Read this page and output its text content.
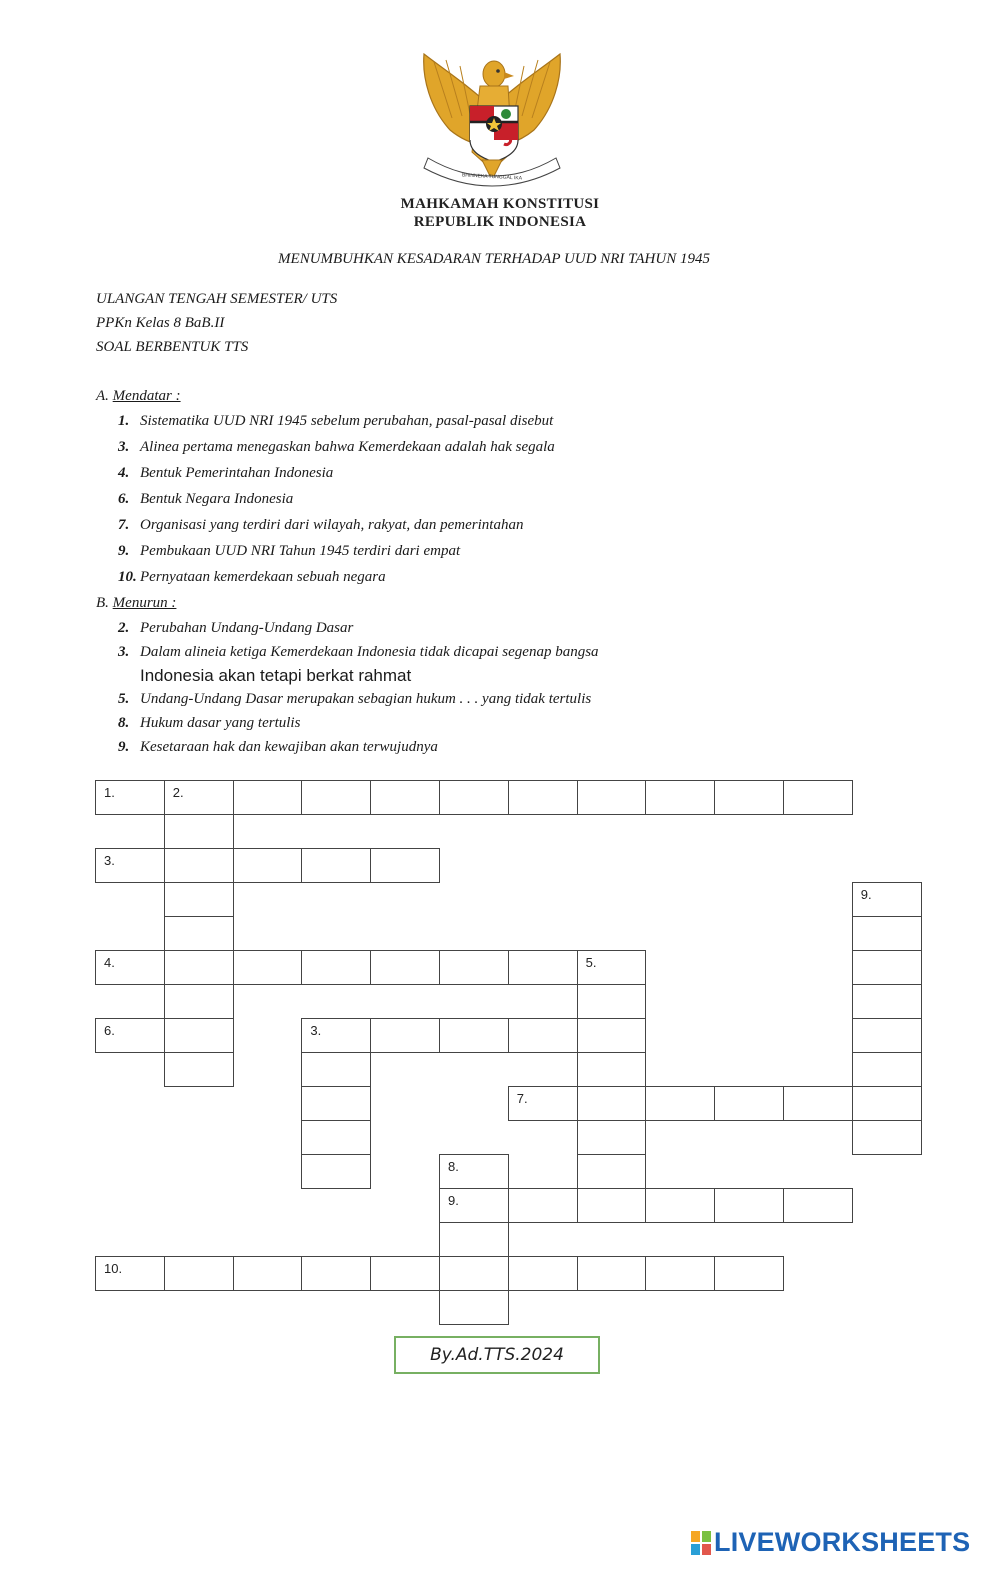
MAHKAMAH KONSTITUSI
REPUBLIK INDONESIA
BHINNEKA TUNGGAL IKA
MENUMBUHKAN KESADARAN TERHADAP UUD NRI TAHUN 1945
ULANGAN TENGAH SEMESTER/ UTS
PPKn Kelas 8 BaB.II
SOAL BERBENTUK TTS
A. Mendatar :
1. Sistematika UUD NRI 1945 sebelum perubahan, pasal-pasal disebut
3. Alinea pertama menegaskan bahwa Kemerdekaan adalah hak segala
4. Bentuk Pemerintahan Indonesia
6. Bentuk Negara Indonesia
7. Organisasi yang terdiri dari wilayah, rakyat, dan pemerintahan
9. Pembukaan UUD NRI Tahun 1945 terdiri dari empat
10. Pernyataan kemerdekaan sebuah negara
B. Menurun :
2. Perubahan Undang-Undang Dasar
3. Dalam alineia ketiga Kemerdekaan Indonesia tidak dicapai segenap bangsa
Indonesia akan tetapi berkat rahmat
5. Undang-Undang Dasar merupakan sebagian hukum . . . yang tidak tertulis
8. Hukum dasar yang tertulis
9. Kesetaraan hak dan kewajiban akan terwujudnya
1.	2.
3.
9.
4.	5.
6.	3.
7.
8.
9.
10.
By.Ad.TTS.2024
LIVEWORKSHEETS
